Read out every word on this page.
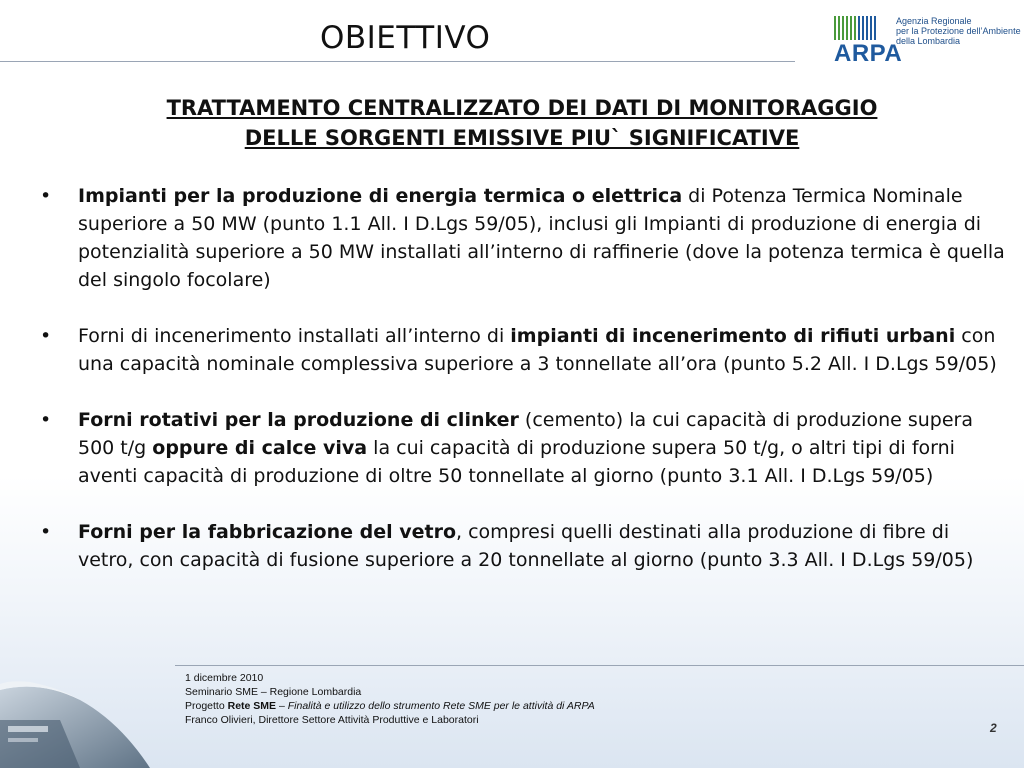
OBIETTIVO	ARPA
Agenzia Regionale
per la Protezione dell’Ambiente
della Lombardia
TRATTAMENTO CENTRALIZZATO DEI DATI DI MONITORAGGIO
DELLE SORGENTI EMISSIVE PIU` SIGNIFICATIVE
• Impianti per la produzione di energia termica o elettrica di Potenza Termica Nominale superiore a 50 MW (punto 1.1 All. I D.Lgs 59/05), inclusi gli Impianti di produzione di energia di potenzialità superiore a 50 MW installati all’interno di raffinerie (dove la potenza termica è quella del singolo focolare)
• Forni di incenerimento installati all’interno di impianti di incenerimento di rifiuti urbani con una capacità nominale complessiva superiore a 3 tonnellate all’ora (punto 5.2 All. I D.Lgs 59/05)
• Forni rotativi per la produzione di clinker (cemento) la cui capacità di produzione supera 500 t/g oppure di calce viva la cui capacità di produzione supera 50 t/g, o altri tipi di forni aventi capacità di produzione di oltre 50 tonnellate al giorno (punto 3.1 All. I D.Lgs 59/05)
• Forni per la fabbricazione del vetro, compresi quelli destinati alla produzione di fibre di vetro, con capacità di fusione superiore a 20 tonnellate al giorno (punto 3.3 All. I D.Lgs 59/05)
1 dicembre 2010
Seminario SME – Regione Lombardia
Progetto Rete SME – Finalità e utilizzo dello strumento Rete SME per le attività di ARPA
Franco Olivieri, Direttore Settore Attività Produttive e Laboratori
2
